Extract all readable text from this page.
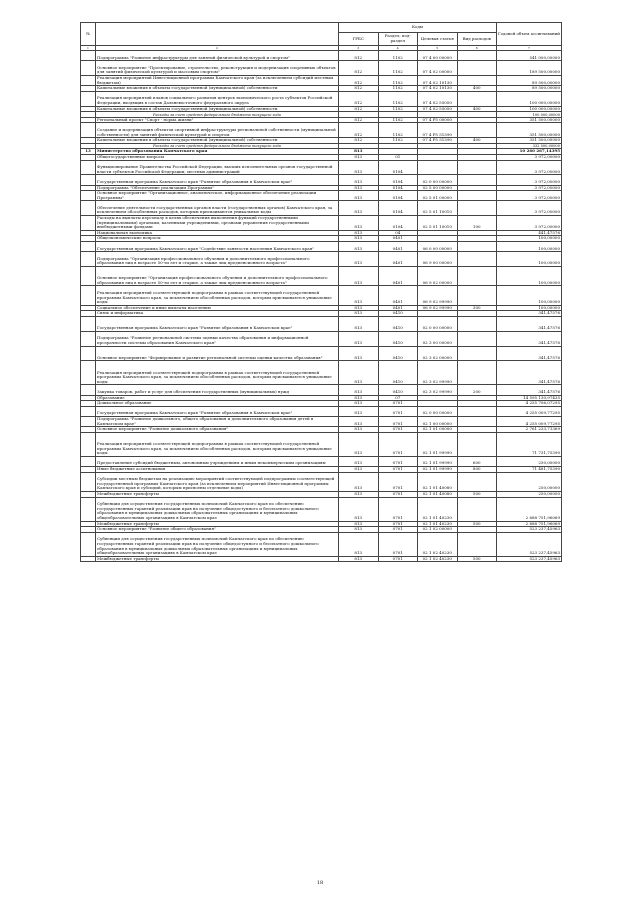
№		Коды				Годовой объем ассигнований
		ГРБС	Раздел, под-раздел	Целевая статья	Вид расходов	
1	2	3	4	5	6	7
	Подпрограмма "Развитие инфраструктуры для занятий физической культурой и спортом"	812	1102	07 4 00 00000		541 000,00000
	Основное мероприятие "Проектирование, строительство, реконструкция и модернизация спортивных объектов для занятий физической культурой и массовым спортом"	812	1102	07 4 02 00000		189 500,00000
	Реализация мероприятий Инвестиционной программы Камчатского края (за исключением субсидий местным бюджетам)	812	1102	07 4 02 10130		89 500,00000
	Капитальные вложения в объекты государственной (муниципальной) собственности	812	1102	07 4 02 10130	400	89 500,00000
	Реализация мероприятий планов социального развития центров экономического роста субъектов Российской Федерации, входящих в состав Дальневосточного федерального округа	812	1102	07 4 02 55050		100 000,00000
	Капитальные вложения в объекты государственной (муниципальной) собственности	812	1102	07 4 02 55050	400	100 000,00000
	Расходы за счет средств федерального бюджета текущего года					100 000,00000
	Региональный проект "Спорт - норма жизни"	812	1102	07 4 P5 00000		351 500,00000
	Создание и модернизация объектов спортивной инфраструктуры региональной собственности (муниципальной собственности) для занятий физической культурой и спортом	812	1102	07 4 P5 51390		351 500,00000
	Капитальные вложения в объекты государственной (муниципальной) собственности	812	1102	07 4 P5 51390	400	351 500,00000
	Расходы за счет средств федерального бюджета текущего года					332 500,00000
13	Министерство образования Камчатского края	813				10 260 267,14395
	Общегосударственные вопросы	813	01			3 972,00000
	Функционирование Правительства Российской Федерации, высших исполнительных органов государственной власти субъектов Российской Федерации, местных администраций	813	0104			3 972,00000
	Государственная программа Камчатского края "Развитие образования в Камчатском крае"	813	0104	02 0 00 00000		3 972,00000
	Подпрограмма "Обеспечение реализации Программы"	813	0104	02 5 00 00000		3 972,00000
	Основное мероприятие "Организационное, аналитическое, информационное обеспечение реализации Программы"	813	0104	02 5 01 00000		3 972,00000
	Обеспечение деятельности государственных органов власти (государственных органов) Камчатского края, за исключением обособленных расходов, которым присваиваются уникальные коды	813	0104	02 5 01 10010		3 972,00000
	Расходы на выплаты персоналу в целях обеспечения выполнения функций государственными (муниципальными) органами, казенными учреждениями, органами управления государственными внебюджетными фондами	813	0104	02 5 01 10010	100	3 972,00000
	Национальная экономика	813	04			441,47576
	Общеэкономические вопросы	813	0401			100,00000
	Государственная программа Камчатского края "Содействие занятости населения Камчатского края"	813	0401	06 0 00 00000		100,00000
	Подпрограмма "Организация профессионального обучения и дополнительного профессионального образования лиц в возрасте 50-ти лет и старше, а также лиц предпенсионного возраста"	813	0401	06 9 00 00000		100,00000
	Основное мероприятие "Организация профессионального обучения и дополнительного профессионального образования лиц в возрасте 50-ти лет и старше, а также лиц предпенсионного возраста"	813	0401	06 9 02 00000		100,00000
	Реализация мероприятий соответствующей подпрограммы в рамках соответствующей государственной программы Камчатского края, за исключением обособленных расходов, которым присваиваются уникальные коды	813	0401	06 9 02 99990		100,00000
	Социальное обеспечение и иные выплаты населению	813	0401	06 9 02 99990	300	100,00000
	Связь и информатика	813	0410			341,47576
	Государственная программа Камчатского края "Развитие образования в Камчатском крае"	813	0410	02 0 00 00000		341,47576
	Подпрограмма "Развитие региональной системы оценки качества образования и информационной прозрачности системы образования Камчатского края"	813	0410	02 3 00 00000		341,47576
	Основное мероприятие "Формирование и развитие региональной системы оценки качества образования"	813	0410	02 3 02 00000		341,47576
	Реализация мероприятий соответствующей подпрограммы в рамках соответствующей государственной программы Камчатского края, за исключением обособленных расходов, которым присваиваются уникальные коды	813	0410	02 3 02 99990		341,47576
	Закупка товаров, работ и услуг для обеспечения государственных (муниципальных) нужд	813	0410	02 3 02 99990	200	341,47576
	Образование	813	07			14 595 130,97435
	Дошкольное образование	813	0701			4 255 706,07295
	Государственная программа Камчатского края "Развитие образования в Камчатском крае"	813	0701	02 0 00 00000		4 255 009,77295
	Подпрограмма "Развитие дошкольного, общего образования и дополнительного образования детей в Камчатском крае"	813	0701	02 1 00 00000		4 255 009,77295
	Основное мероприятие "Развитие дошкольного образования"	813	0701	02 1 01 00000		2 761 233,71369
	Реализация мероприятий соответствующей подпрограммы в рамках соответствующей государственной программы Камчатского края, за исключением обособленных расходов, которым присваиваются уникальные коды	813	0701	02 1 01 99990		71 731,75390
	Предоставление субсидий бюджетным, автономным учреждениям и иным некоммерческим организациям	813	0701	02 1 01 99990	600	250,00000
	Иные бюджетные ассигнования	813	0701	02 1 01 99990	800	71 481,75390
	Субсидии местным бюджетам на реализацию мероприятий соответствующей подпрограммы соответствующей государственной программы Камчатского края (за исключением мероприятий Инвестиционной программы Камчатского края и субсидий, которым присвоены отдельные коды)	813	0701	02 1 01 40080		250,00000
	Межбюджетные трансферты	813	0701	02 1 01 40080	500	250,00000
	Субвенции для осуществления государственных полномочий Камчатского края по обеспечению государственных гарантий реализации прав на получение общедоступного и бесплатного дошкольного образования в муниципальных дошкольных образовательных организациях и муниципальных общеобразовательных организациях в Камчатском крае	813	0701	02 1 01 40230		2 688 751,96069
	Межбюджетные трансферты	813	0701	02 1 01 40230	500	2 688 751,96069
	Основное мероприятие "Развитие общего образования"	813	0701	02 1 02 00000		523 237,45963
	Субвенции для осуществления государственных полномочий Камчатского края по обеспечению государственных гарантий реализации прав на получение общедоступного и бесплатного дошкольного образования в муниципальных дошкольных образовательных организациях и муниципальных общеобразовательных организациях в Камчатском крае	813	0701	02 1 02 40230		523 237,45963
	Межбюджетные трансферты	813	0701	02 1 02 40230	500	523 237,45963
18
